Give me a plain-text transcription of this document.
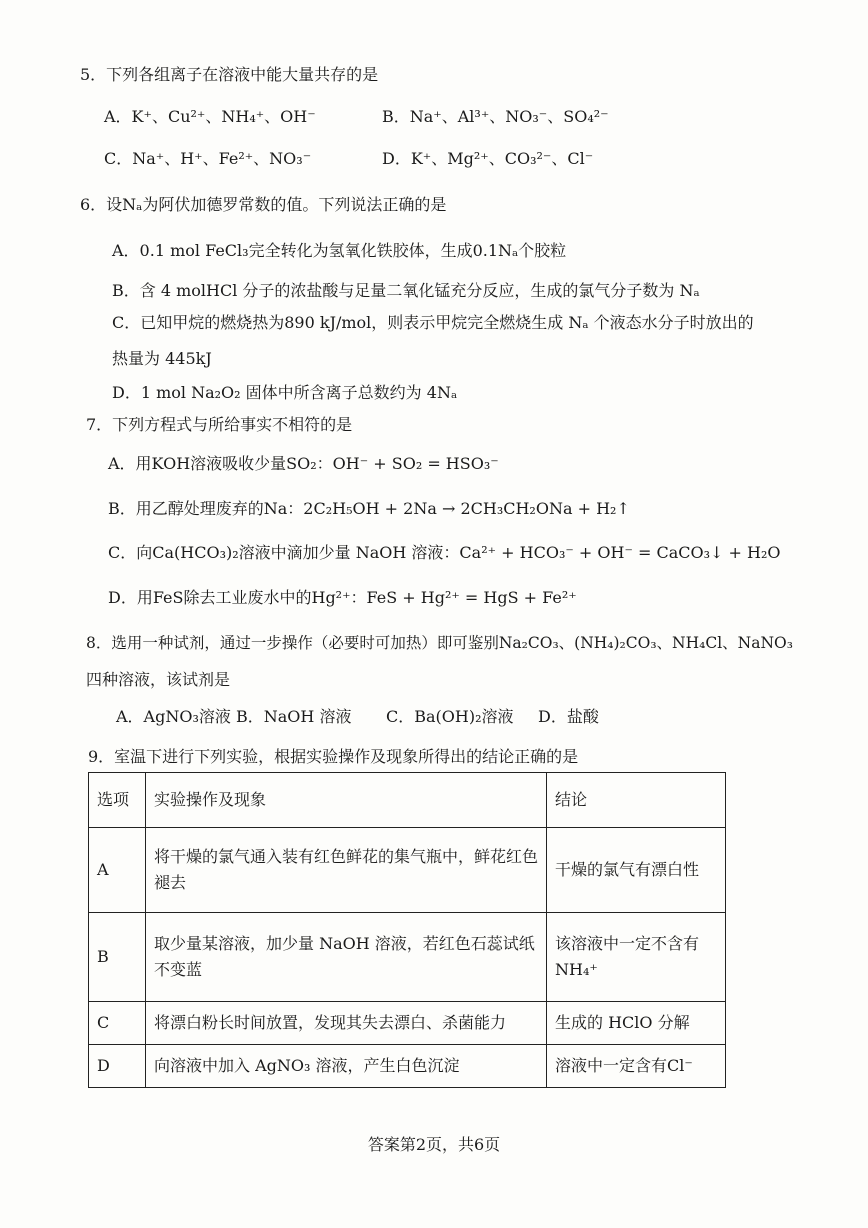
5．下列各组离子在溶液中能大量共存的是
A．K⁺、Cu²⁺、NH₄⁺、OH⁻	B．Na⁺、Al³⁺、NO₃⁻、SO₄²⁻
C．Na⁺、H⁺、Fe²⁺、NO₃⁻	D．K⁺、Mg²⁺、CO₃²⁻、Cl⁻
6．设Nₐ为阿伏加德罗常数的值。下列说法正确的是
A．0.1 mol FeCl₃完全转化为氢氧化铁胶体，生成0.1Nₐ个胶粒
B．含 4 molHCl 分子的浓盐酸与足量二氧化锰充分反应，生成的氯气分子数为 Nₐ
C．已知甲烷的燃烧热为890 kJ/mol，则表示甲烷完全燃烧生成 Nₐ 个液态水分子时放出的
热量为 445kJ
D．1 mol Na₂O₂ 固体中所含离子总数约为 4Nₐ
7．下列方程式与所给事实不相符的是
A．用KOH溶液吸收少量SO₂：OH⁻ + SO₂ = HSO₃⁻
B．用乙醇处理废弃的Na：2C₂H₅OH + 2Na → 2CH₃CH₂ONa + H₂↑
C．向Ca(HCO₃)₂溶液中滴加少量 NaOH 溶液：Ca²⁺ + HCO₃⁻ + OH⁻ = CaCO₃↓ + H₂O
D．用FeS除去工业废水中的Hg²⁺：FeS + Hg²⁺ = HgS + Fe²⁺
8．选用一种试剂，通过一步操作（必要时可加热）即可鉴别Na₂CO₃、(NH₄)₂CO₃、NH₄Cl、NaNO₃
四种溶液，该试剂是
A．AgNO₃溶液 B．NaOH 溶液 C．Ba(OH)₂溶液 D．盐酸
9．室温下进行下列实验，根据实验操作及现象所得出的结论正确的是
选项	实验操作及现象	结论
A	将干燥的氯气通入装有红色鲜花的集气瓶中，鲜花红色褪去	干燥的氯气有漂白性
B	取少量某溶液，加少量 NaOH 溶液，若红色石蕊试纸不变蓝	该溶液中一定不含有NH₄⁺
C	将漂白粉长时间放置，发现其失去漂白、杀菌能力	生成的 HClO 分解
D	向溶液中加入 AgNO₃ 溶液，产生白色沉淀	溶液中一定含有Cl⁻
答案第2页，共6页
